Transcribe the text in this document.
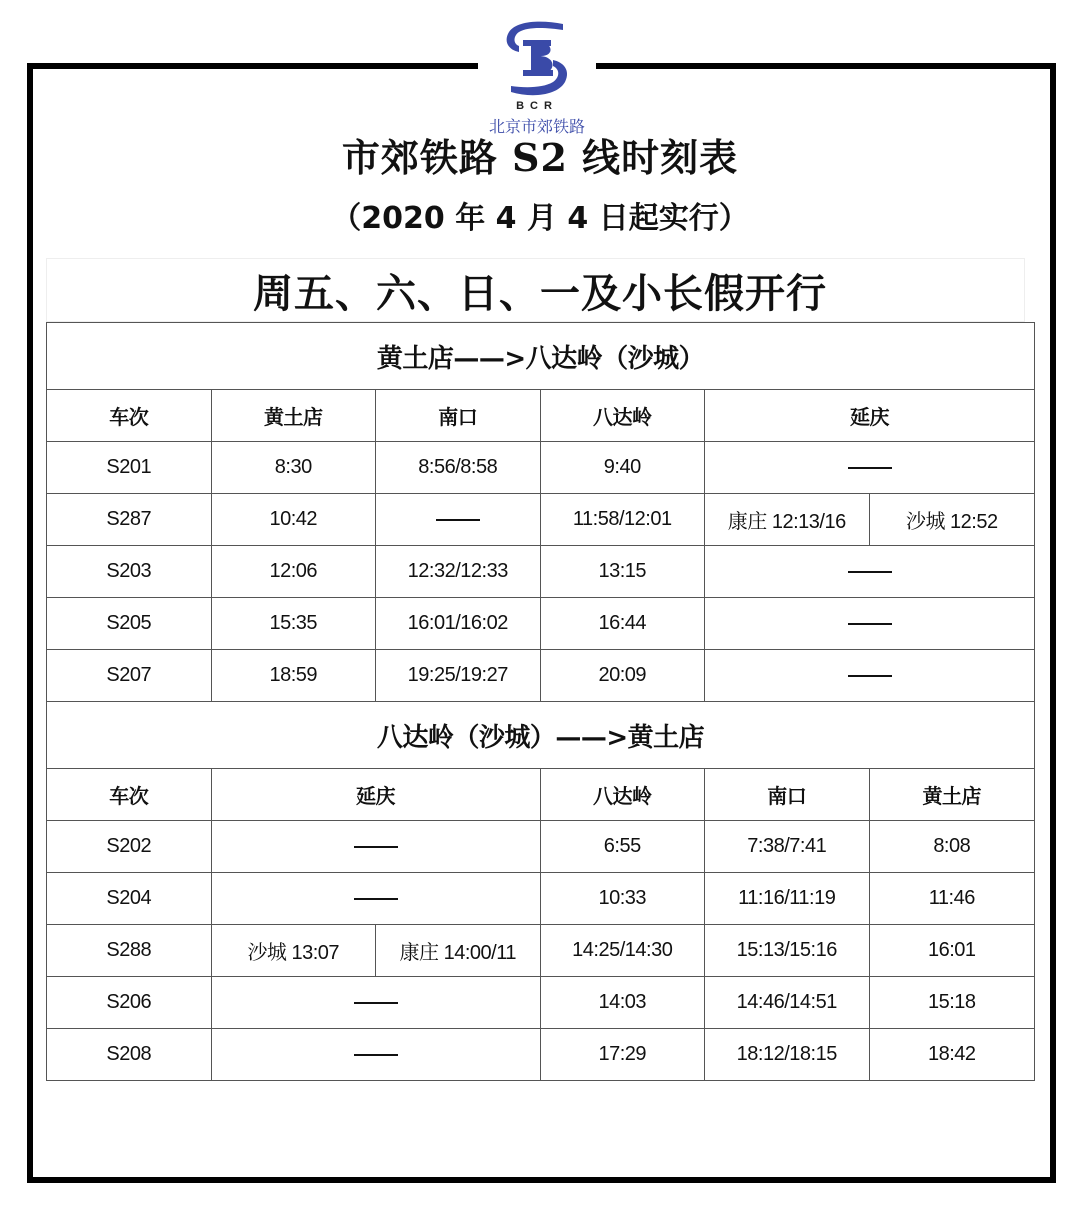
BCR
北京市郊铁路
市郊铁路 S2 线时刻表
（2020 年 4 月 4 日起实行）
周五、六、日、一及小长假开行
黄土店——>八达岭（沙城）					
车次	黄土店	南口	八达岭	延庆	
S201	8:30	8:56/8:58	9:40		
S287	10:42		11:58/12:01	康庄 12:13/16	沙城 12:52
S203	12:06	12:32/12:33	13:15		
S205	15:35	16:01/16:02	16:44		
S207	18:59	19:25/19:27	20:09		
八达岭（沙城）——>黄土店					
车次	延庆		八达岭	南口	黄土店
S202			6:55	7:38/7:41	8:08
S204			10:33	11:16/11:19	11:46
S288	沙城 13:07	康庄 14:00/11	14:25/14:30	15:13/15:16	16:01
S206			14:03	14:46/14:51	15:18
S208			17:29	18:12/18:15	18:42
